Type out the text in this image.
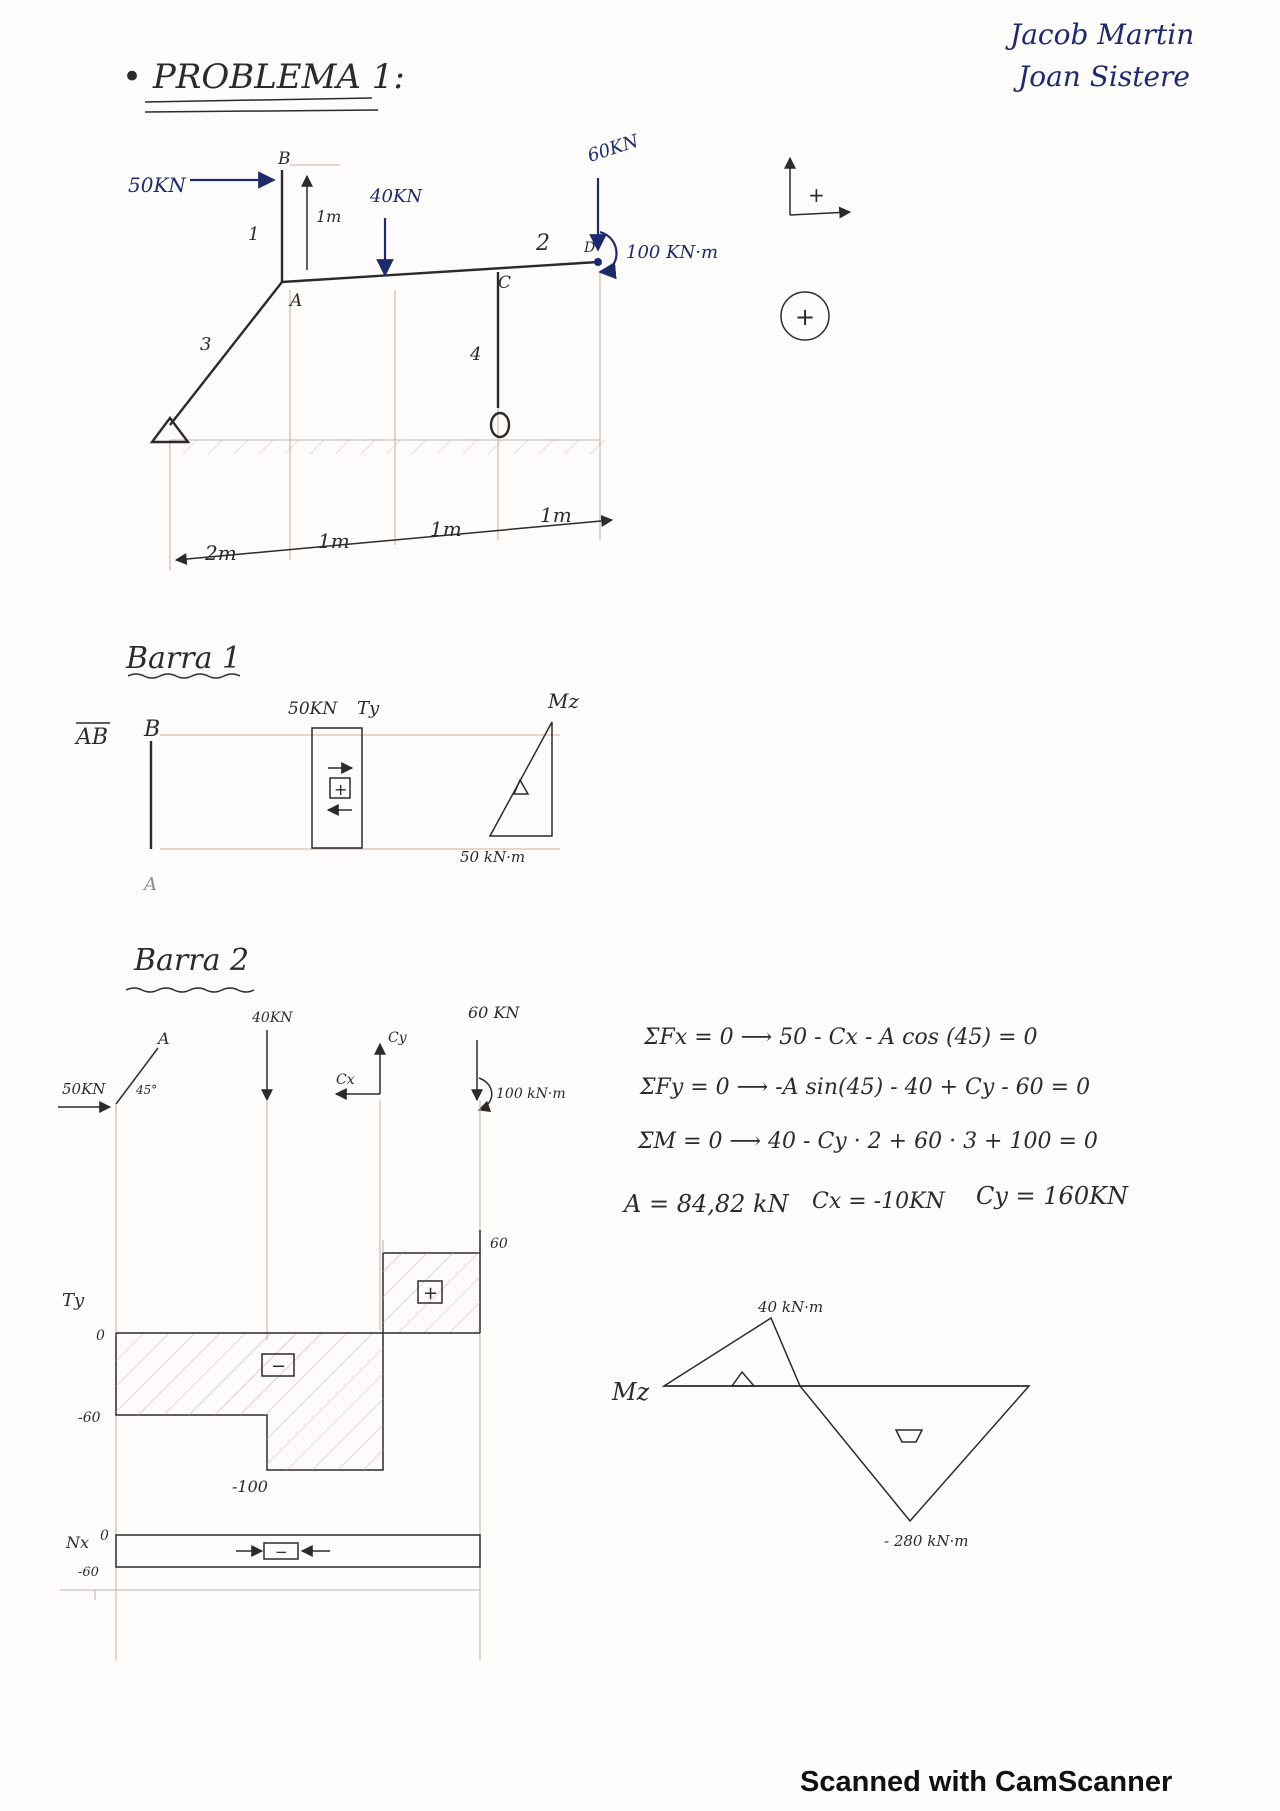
• PROBLEMA 1:
Jacob Martin
Joan Sistere
50KN	40KN
60KN
100 KN·m
1m
B
A
C
D
1	2
3	4
2m	1m	1m
1m
+
+
Barra 1
AB B
A
50KN Ty
+
Mz
50 kN·m
Barra 2
50KN
A
45°
40KN
Cx
Cy
60 KN
100 kN·m
Ty
0
-60
-100
60
−
+
Nx 0
-60
−
ΣFx = 0 ⟶ 50 - Cx - A cos (45) = 0
ΣFy = 0 ⟶ -A sin(45) - 40 + Cy - 60 = 0
ΣM = 0 ⟶ 40 - Cy · 2 + 60 · 3 + 100 = 0
A = 84,82 kN Cx = -10KN Cy = 160KN
Mz
40 kN·m
- 280 kN·m
Scanned with CamScanner
